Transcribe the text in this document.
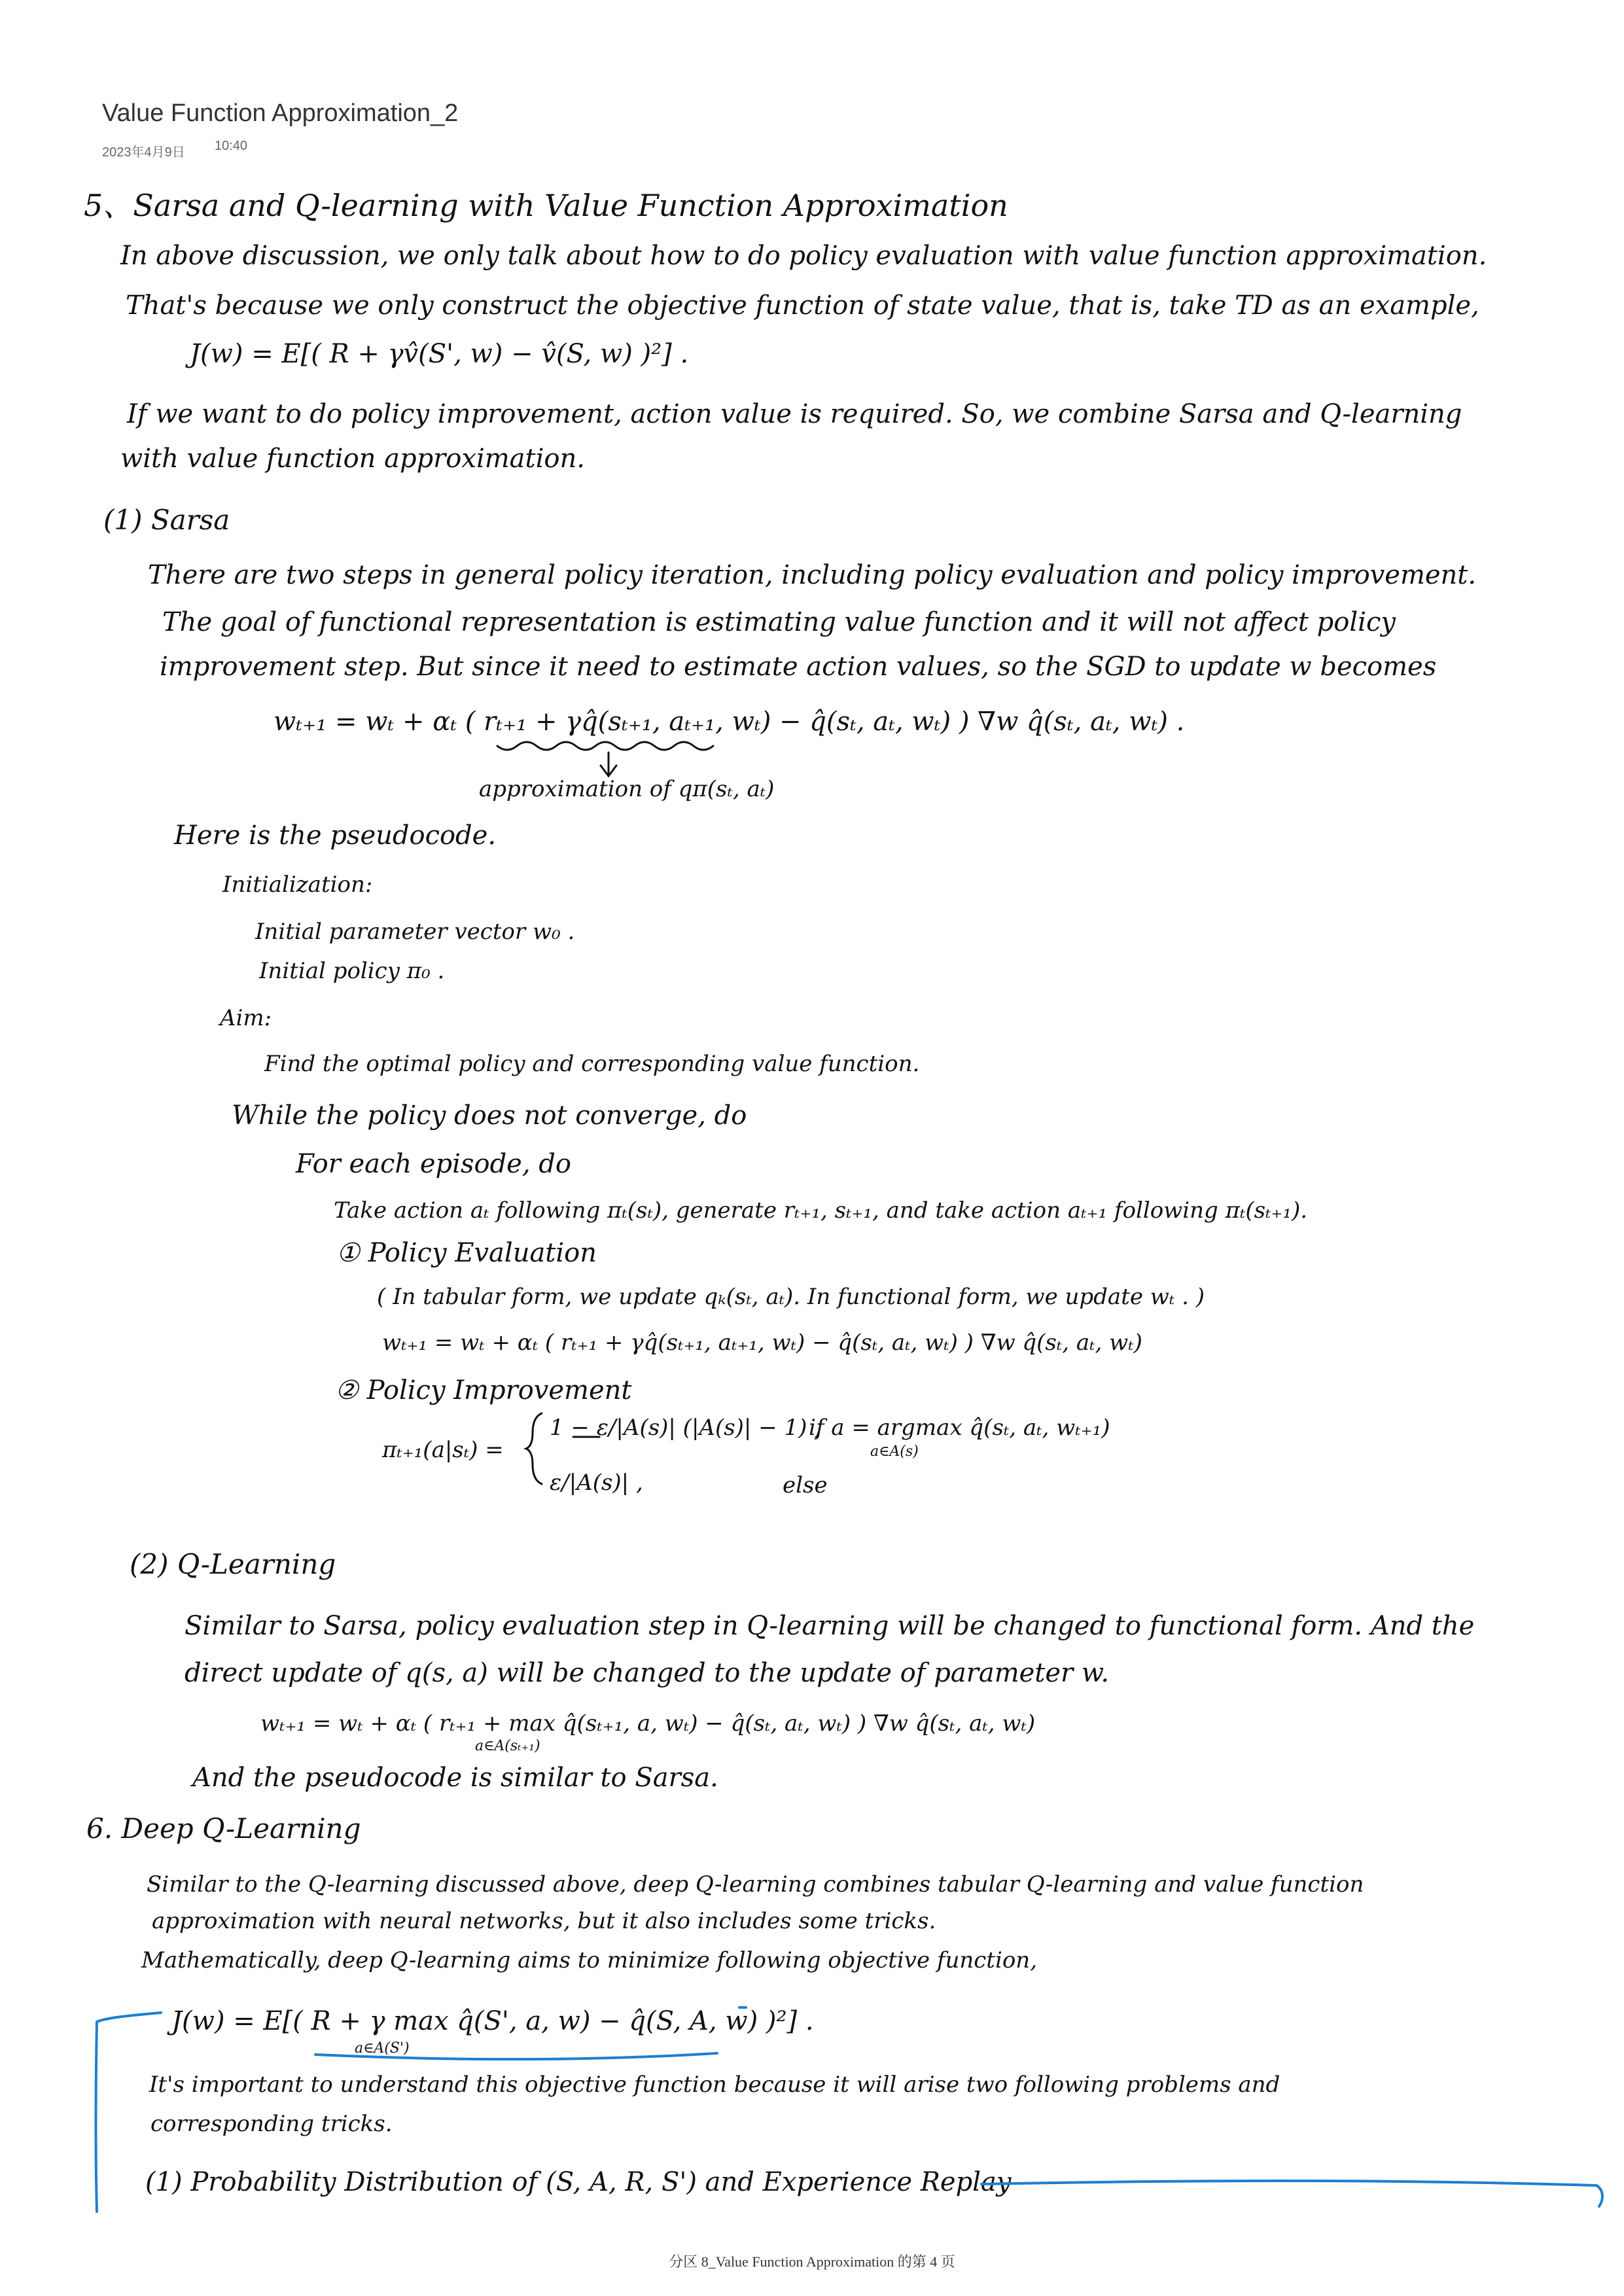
Value Function Approximation_2
2023年4月9日 10:40
5、Sarsa and Q-learning with Value Function Approximation
In above discussion, we only talk about how to do policy evaluation with value function approximation.
That's because we only construct the objective function of state value, that is, take TD as an example,
J(w) = E[( R + γv̂(S', w) − v̂(S, w) )²] .
If we want to do policy improvement, action value is required. So, we combine Sarsa and Q-learning
with value function approximation.
(1) Sarsa
There are two steps in general policy iteration, including policy evaluation and policy improvement.
The goal of functional representation is estimating value function and it will not affect policy
improvement step. But since it need to estimate action values, so the SGD to update w becomes
wₜ₊₁ = wₜ + αₜ ( rₜ₊₁ + γq̂(sₜ₊₁, aₜ₊₁, wₜ) − q̂(sₜ, aₜ, wₜ) ) ∇w q̂(sₜ, aₜ, wₜ) .
approximation of qπ(sₜ, aₜ)
Here is the pseudocode.
Initialization:
Initial parameter vector w₀ .
Initial policy π₀ .
Aim:
Find the optimal policy and corresponding value function.
While the policy does not converge, do
For each episode, do
Take action aₜ following πₜ(sₜ), generate rₜ₊₁, sₜ₊₁, and take action aₜ₊₁ following πₜ(sₜ₊₁).
① Policy Evaluation
( In tabular form, we update qₖ(sₜ, aₜ). In functional form, we update wₜ . )
wₜ₊₁ = wₜ + αₜ ( rₜ₊₁ + γq̂(sₜ₊₁, aₜ₊₁, wₜ) − q̂(sₜ, aₜ, wₜ) ) ∇w q̂(sₜ, aₜ, wₜ)
② Policy Improvement
πₜ₊₁(a|sₜ) =
1 − ε/|A(s)| (|A(s)| − 1) ,
if a = argmax q̂(sₜ, aₜ, wₜ₊₁)
a∈A(s)
ε/|A(s)| ,	else
(2) Q-Learning
Similar to Sarsa, policy evaluation step in Q-learning will be changed to functional form. And the
direct update of q(s, a) will be changed to the update of parameter w.
wₜ₊₁ = wₜ + αₜ ( rₜ₊₁ + max q̂(sₜ₊₁, a, wₜ) − q̂(sₜ, aₜ, wₜ) ) ∇w q̂(sₜ, aₜ, wₜ)
a∈A(sₜ₊₁)
And the pseudocode is similar to Sarsa.
6. Deep Q-Learning
Similar to the Q-learning discussed above, deep Q-learning combines tabular Q-learning and value function
approximation with neural networks, but it also includes some tricks.
Mathematically, deep Q-learning aims to minimize following objective function,
J(w) = E[( R + γ max q̂(S', a, w) − q̂(S, A, w) )²] .
a∈A(S')
It's important to understand this objective function because it will arise two following problems and
corresponding tricks.
(1) Probability Distribution of (S, A, R, S') and Experience Replay
分区 8_Value Function Approximation 的第 4 页
